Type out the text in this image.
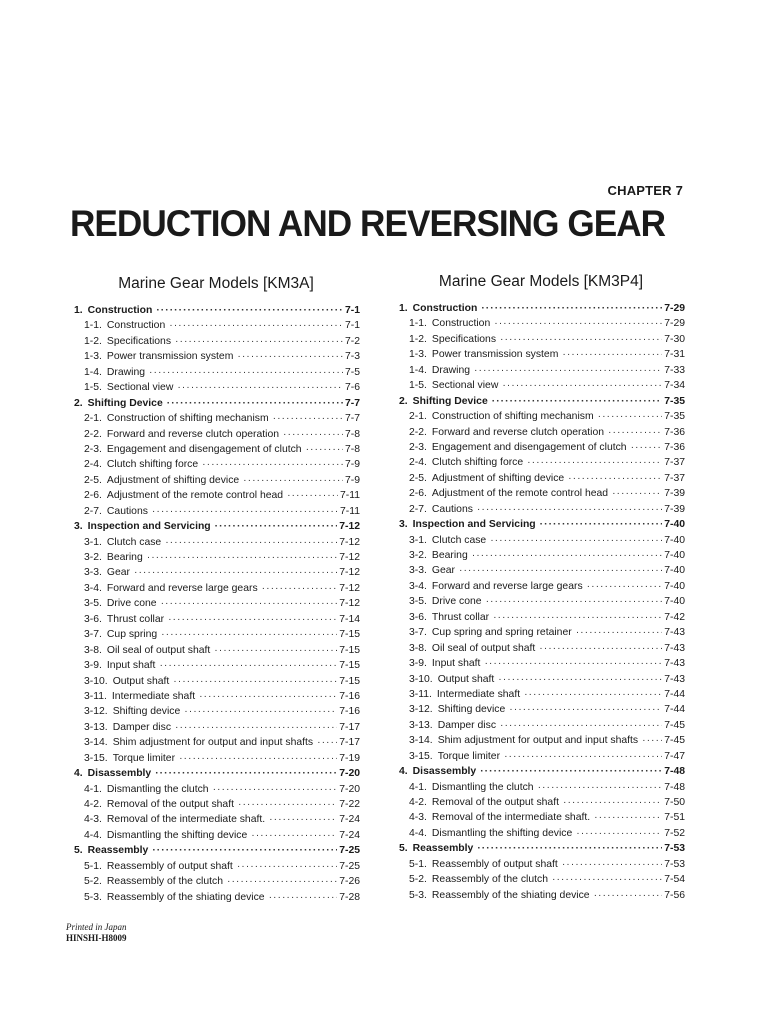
CHAPTER 7
REDUCTION AND REVERSING GEAR
Marine Gear Models [KM3A]
1. Construction ·····	7-1
1-1. Construction ·····	7-1
1-2. Specifications ·····	7-2
1-3. Power transmission system ·····	7-3
1-4. Drawing ·····	7-5
1-5. Sectional view ·····	7-6
2. Shifting Device ·····	7-7
2-1. Construction of shifting mechanism ·····	7-7
2-2. Forward and reverse clutch operation ·····	7-8
2-3. Engagement and disengagement of clutch ·····	7-8
2-4. Clutch shifting force ·····	7-9
2-5. Adjustment of shifting device ·····	7-9
2-6. Adjustment of the remote control head ·····	7-11
2-7. Cautions ·····	7-11
3. Inspection and Servicing ·····	7-12
3-1. Clutch case ·····	7-12
3-2. Bearing ·····	7-12
3-3. Gear ·····	7-12
3-4. Forward and reverse large gears ·····	7-12
3-5. Drive cone ·····	7-12
3-6. Thrust collar ·····	7-14
3-7. Cup spring ·····	7-15
3-8. Oil seal of output shaft ·····	7-15
3-9. Input shaft ·····	7-15
3-10. Output shaft ·····	7-15
3-11. Intermediate shaft ·····	7-16
3-12. Shifting device ·····	7-16
3-13. Damper disc ·····	7-17
3-14. Shim adjustment for output and input shafts ·····	7-17
3-15. Torque limiter ·····	7-19
4. Disassembly ·····	7-20
4-1. Dismantling the clutch ·····	7-20
4-2. Removal of the output shaft ·····	7-22
4-3. Removal of the intermediate shaft. ·····	7-24
4-4. Dismantling the shifting device ·····	7-24
5. Reassembly ·····	7-25
5-1. Reassembly of output shaft ·····	7-25
5-2. Reassembly of the clutch ·····	7-26
5-3. Reassembly of the shiating device ·····	7-28
Marine Gear Models [KM3P4]
1. Construction ·····	7-29
1-1. Construction ·····	7-29
1-2. Specifications ·····	7-30
1-3. Power transmission system ·····	7-31
1-4. Drawing ·····	7-33
1-5. Sectional view ·····	7-34
2. Shifting Device ·····	7-35
2-1. Construction of shifting mechanism ·····	7-35
2-2. Forward and reverse clutch operation ·····	7-36
2-3. Engagement and disengagement of clutch ·····	7-36
2-4. Clutch shifting force ·····	7-37
2-5. Adjustment of shifting device ·····	7-37
2-6. Adjustment of the remote control head ·····	7-39
2-7. Cautions ·····	7-39
3. Inspection and Servicing ·····	7-40
3-1. Clutch case ·····	7-40
3-2. Bearing ·····	7-40
3-3. Gear ·····	7-40
3-4. Forward and reverse large gears ·····	7-40
3-5. Drive cone ·····	7-40
3-6. Thrust collar ·····	7-42
3-7. Cup spring and spring retainer ·····	7-43
3-8. Oil seal of output shaft ·····	7-43
3-9. Input shaft ·····	7-43
3-10. Output shaft ·····	7-43
3-11. Intermediate shaft ·····	7-44
3-12. Shifting device ·····	7-44
3-13. Damper disc ·····	7-45
3-14. Shim adjustment for output and input shafts ·····	7-45
3-15. Torque limiter ·····	7-47
4. Disassembly ·····	7-48
4-1. Dismantling the clutch ·····	7-48
4-2. Removal of the output shaft ·····	7-50
4-3. Removal of the intermediate shaft. ·····	7-51
4-4. Dismantling the shifting device ·····	7-52
5. Reassembly ·····	7-53
5-1. Reassembly of output shaft ·····	7-53
5-2. Reassembly of the clutch ·····	7-54
5-3. Reassembly of the shiating device ·····	7-56
Printed in Japan
HINSHI-H8009
